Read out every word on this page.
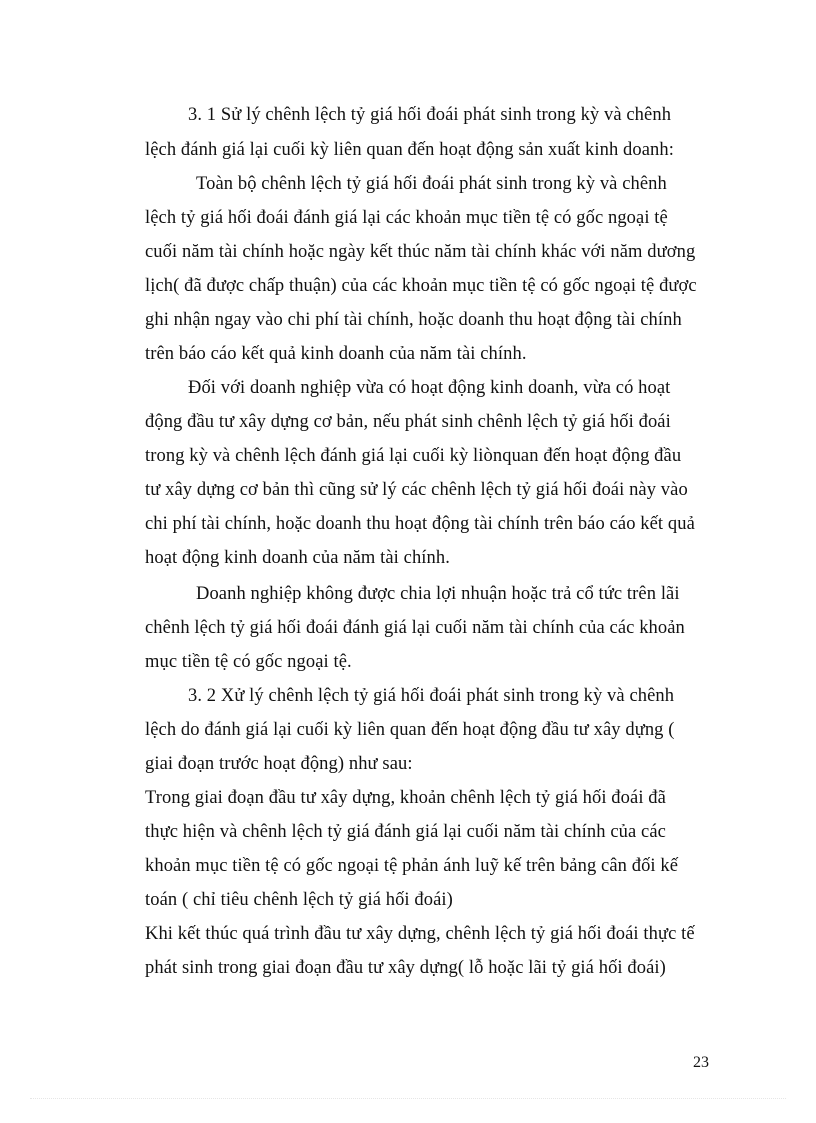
3. 1 Sử lý chênh lệch tỷ giá hối đoái phát sinh trong kỳ và chênh
lệch đánh giá lại cuối kỳ liên quan đến hoạt động sản xuất kinh doanh:
Toàn bộ chênh lệch tỷ giá hối đoái phát sinh trong kỳ và chênh
lệch tỷ giá hối đoái đánh giá lại các khoản mục tiền tệ có gốc ngoại tệ
cuối năm tài chính hoặc ngày kết thúc năm tài chính khác với năm dương
lịch( đã được chấp thuận) của các khoản mục tiền tệ có gốc ngoại tệ được
ghi nhận ngay vào chi phí tài chính, hoặc doanh thu hoạt động tài chính
trên báo cáo kết quả kinh doanh của năm tài chính.
Đối với doanh nghiệp vừa có hoạt động kinh doanh, vừa có hoạt
động đầu tư xây dựng cơ bản, nếu phát sinh chênh lệch tỷ giá hối đoái
trong kỳ và chênh lệch đánh giá lại cuối kỳ liònquan đến hoạt động đầu
tư xây dựng cơ bản thì cũng sử lý các chênh lệch tỷ giá hối đoái này vào
chi phí tài chính, hoặc doanh thu hoạt động tài chính trên báo cáo kết quả
hoạt động kinh doanh của năm tài chính.
Doanh nghiệp không được chia lợi nhuận hoặc trả cổ tức trên lãi
chênh lệch tỷ giá hối đoái đánh giá lại cuối năm tài chính của các khoản
mục tiền tệ có gốc ngoại tệ.
3. 2 Xử lý chênh lệch tỷ giá hối đoái phát sinh trong kỳ và chênh
lệch do đánh giá lại cuối kỳ liên quan đến hoạt động đầu tư xây dựng (
giai đoạn trước hoạt động) như sau:
Trong giai đoạn đầu tư xây dựng, khoản chênh lệch tỷ giá hối đoái đã
thực hiện và chênh lệch tỷ giá đánh giá lại cuối năm tài chính của các
khoản mục tiền tệ có gốc ngoại tệ phản ánh luỹ kế trên bảng cân đối kế
toán ( chỉ tiêu chênh lệch tỷ giá hối đoái)
Khi kết thúc quá trình đầu tư xây dựng, chênh lệch tỷ giá hối đoái thực tế
phát sinh trong giai đoạn đầu tư xây dựng( lỗ hoặc lãi tỷ giá hối đoái)
23
